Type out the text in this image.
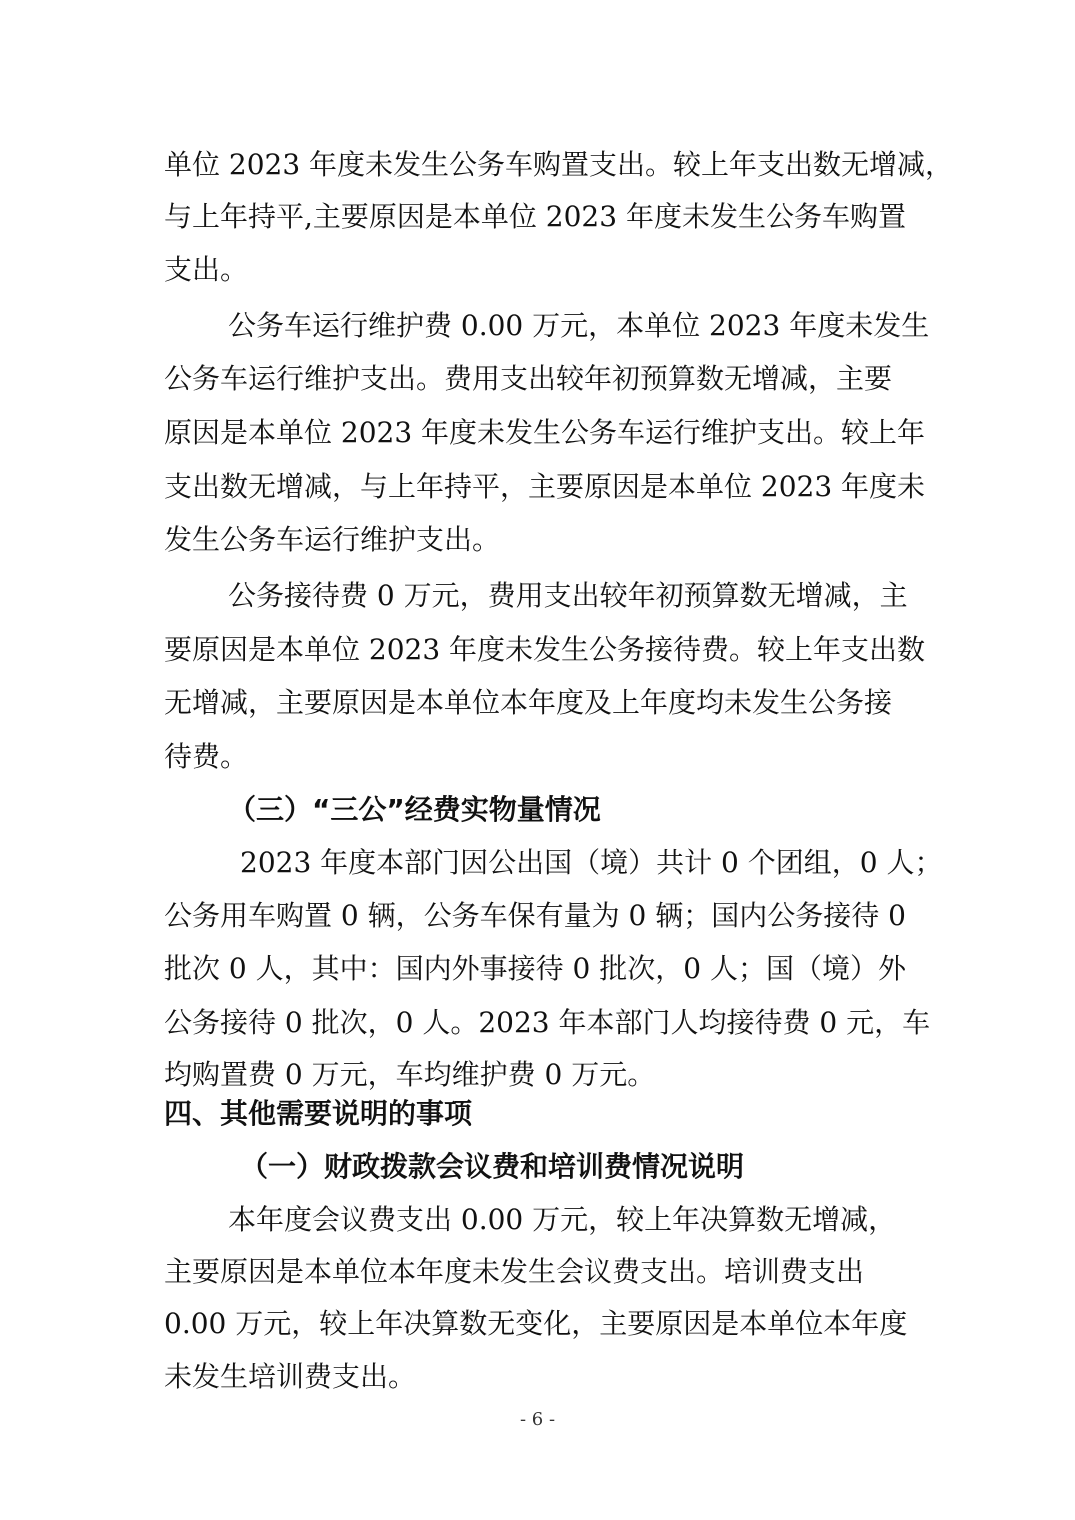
单位 2023 年度未发生公务车购置支出。较上年支出数无增减，
与上年持平,主要原因是本单位 2023 年度未发生公务车购置
支出。
公务车运行维护费 0.00 万元，本单位 2023 年度未发生
公务车运行维护支出。费用支出较年初预算数无增减，主要
原因是本单位 2023 年度未发生公务车运行维护支出。较上年
支出数无增减，与上年持平，主要原因是本单位 2023 年度未
发生公务车运行维护支出。
公务接待费 0 万元，费用支出较年初预算数无增减，主
要原因是本单位 2023 年度未发生公务接待费。较上年支出数
无增减，主要原因是本单位本年度及上年度均未发生公务接
待费。
（三）“三公”经费实物量情况
2023 年度本部门因公出国（境）共计 0 个团组，0 人；
公务用车购置 0 辆，公务车保有量为 0 辆；国内公务接待 0
批次 0 人，其中：国内外事接待 0 批次，0 人；国（境）外
公务接待 0 批次，0 人。2023 年本部门人均接待费 0 元，车
均购置费 0 万元，车均维护费 0 万元。
四、其他需要说明的事项
（一）财政拨款会议费和培训费情况说明
本年度会议费支出 0.00 万元，较上年决算数无增减，
主要原因是本单位本年度未发生会议费支出。培训费支出
0.00 万元，较上年决算数无变化，主要原因是本单位本年度
未发生培训费支出。
- 6 -
